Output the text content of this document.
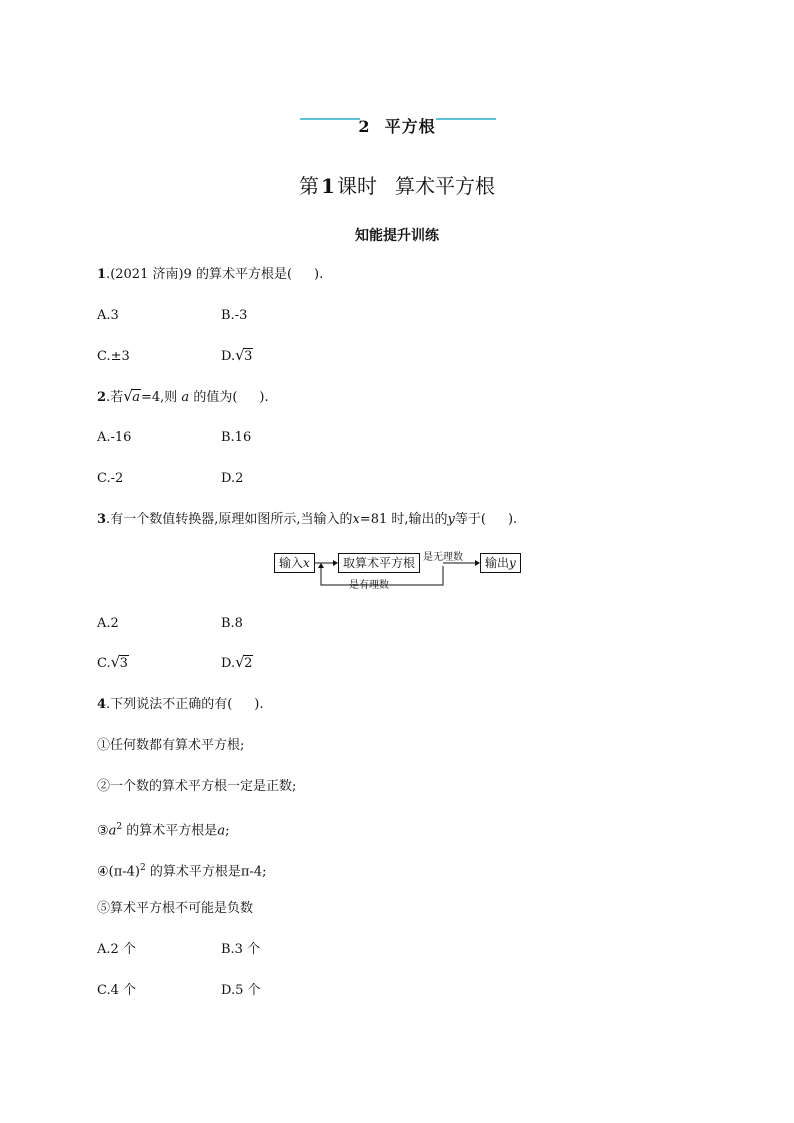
2 平方根
第 1 课时 算术平方根
知能提升训练
1.(2021 济南)9 的算术平方根是( ).
A.3	B.-3
C.±3	D. √ 3
2.若 √ a=4,则 a 的值为( ).
A.-16	B.16
C.-2	D.2
3.有一个数值转换器,原理如图所示,当输入的x=81 时,输出的y等于( ).
输入x	取算术平方根 是无理数	输出y
是有理数
A.2	B.8
C. √ 3	D. √ 2
4.下列说法不正确的有( ).
①任何数都有算术平方根;
②一个数的算术平方根一定是正数;
$③a^2$ 的算术平方根是a;
$④(\pi-4)^2$ 的算术平方根是π-4;
⑤算术平方根不可能是负数
A.2 个	B.3 个
C.4 个	D.5 个
